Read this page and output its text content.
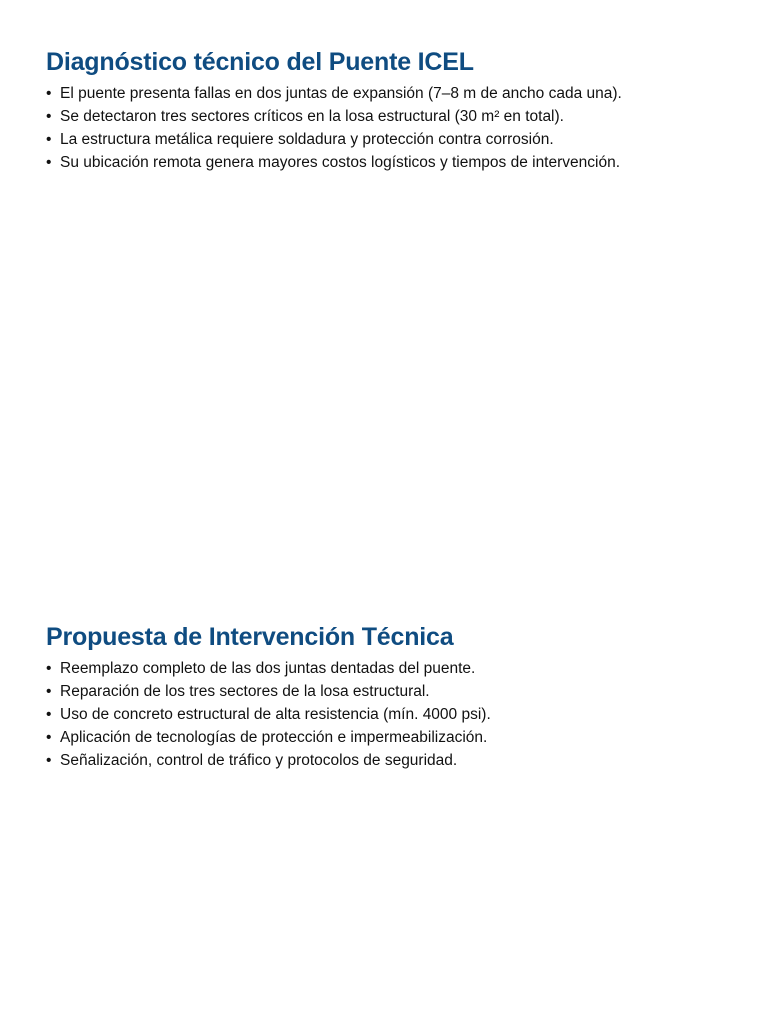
Diagnóstico técnico del Puente ICEL
• El puente presenta fallas en dos juntas de expansión (7–8 m de ancho cada una).
• Se detectaron tres sectores críticos en la losa estructural (30 m² en total).
• La estructura metálica requiere soldadura y protección contra corrosión.
• Su ubicación remota genera mayores costos logísticos y tiempos de intervención.
Propuesta de Intervención Técnica
• Reemplazo completo de las dos juntas dentadas del puente.
• Reparación de los tres sectores de la losa estructural.
• Uso de concreto estructural de alta resistencia (mín. 4000 psi).
• Aplicación de tecnologías de protección e impermeabilización.
• Señalización, control de tráfico y protocolos de seguridad.
